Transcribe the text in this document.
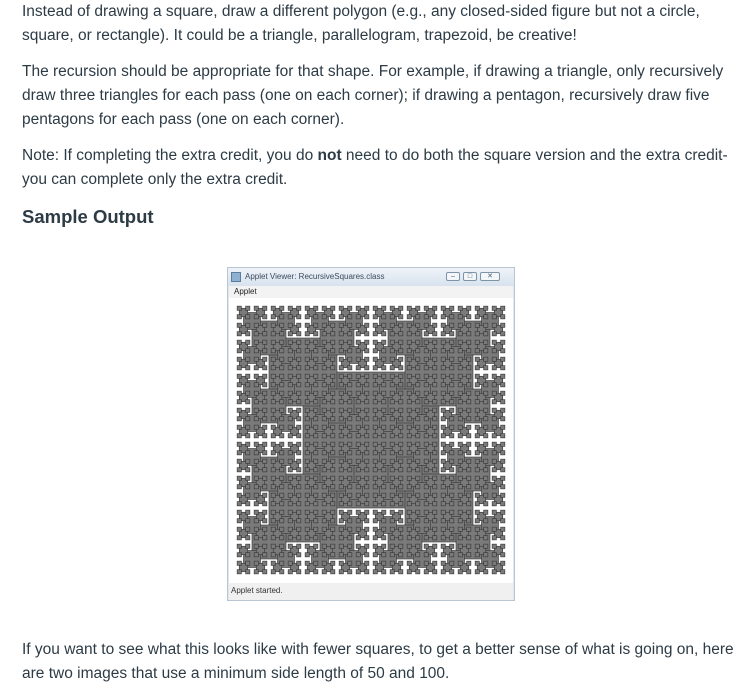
Instead of drawing a square, draw a different polygon (e.g., any closed-sided figure but not a circle, square, or rectangle). It could be a triangle, parallelogram, trapezoid, be creative!

The recursion should be appropriate for that shape. For example, if drawing a triangle, only recursively draw three triangles for each pass (one on each corner); if drawing a pentagon, recursively draw five pentagons for each pass (one on each corner).

Note: If completing the extra credit, you do not need to do both the square version and the extra credit- you can complete only the extra credit.

Sample Output
Applet Viewer: RecursiveSquares.class	–	□	✕
Applet
Applet started.

If you want to see what this looks like with fewer squares, to get a better sense of what is going on, here are two images that use a minimum side length of 50 and 100.
